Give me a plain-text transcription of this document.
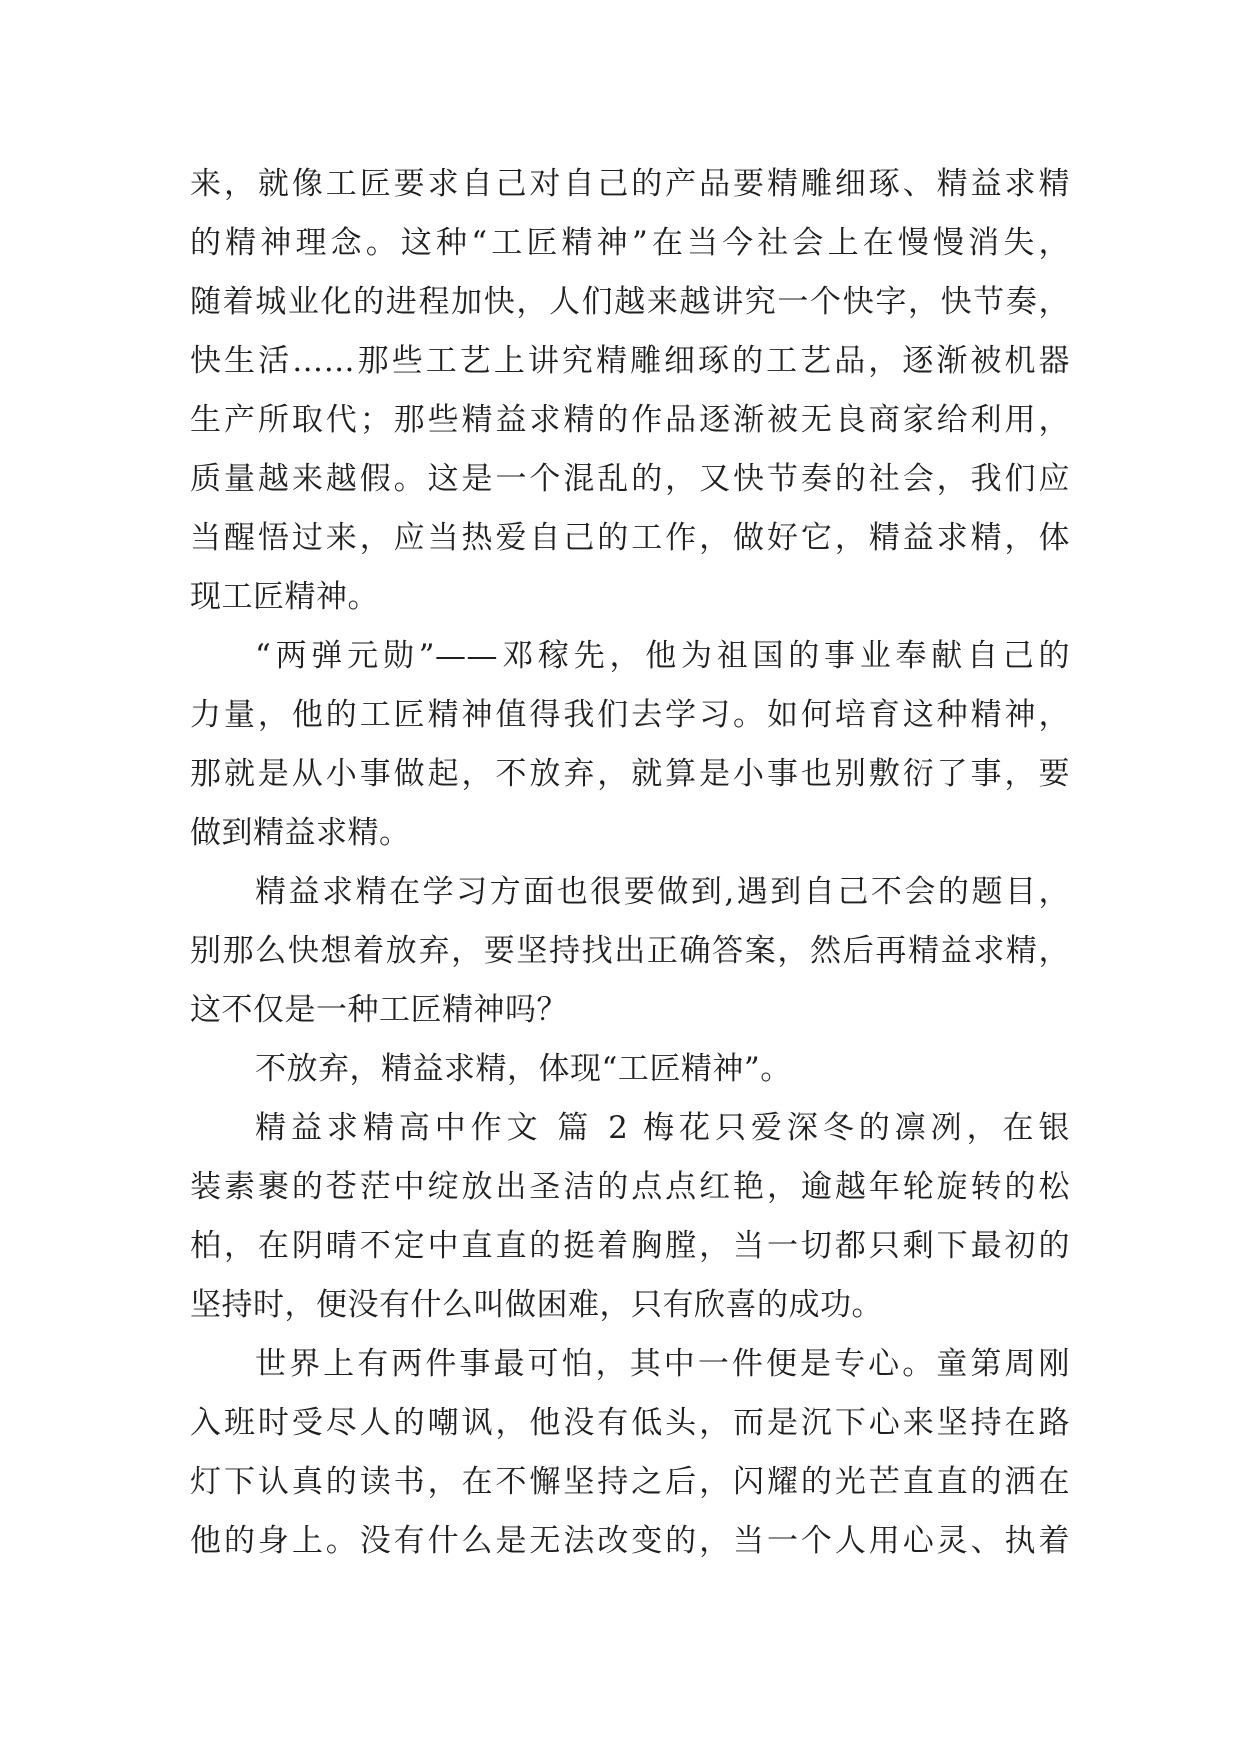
来，就像工匠要求自己对自己的产品要精雕细琢、精益求精
的精神理念。这种“工匠精神”在当今社会上在慢慢消失，
随着城业化的进程加快，人们越来越讲究一个快字，快节奏，
快生活……那些工艺上讲究精雕细琢的工艺品，逐渐被机器
生产所取代；那些精益求精的作品逐渐被无良商家给利用，
质量越来越假。这是一个混乱的，又快节奏的社会，我们应
当醒悟过来，应当热爱自己的工作，做好它，精益求精，体
现工匠精神。
“两弹元勋”——邓稼先，他为祖国的事业奉献自己的
力量，他的工匠精神值得我们去学习。如何培育这种精神，
那就是从小事做起，不放弃，就算是小事也别敷衍了事，要
做到精益求精。
精益求精在学习方面也很要做到,遇到自己不会的题目，
别那么快想着放弃，要坚持找出正确答案，然后再精益求精，
这不仅是一种工匠精神吗？
不放弃，精益求精，体现“工匠精神”。
精益求精高中作文 篇 2 梅花只爱深冬的凛冽，在银
装素裹的苍茫中绽放出圣洁的点点红艳，逾越年轮旋转的松
柏，在阴晴不定中直直的挺着胸膛，当一切都只剩下最初的
坚持时，便没有什么叫做困难，只有欣喜的成功。
世界上有两件事最可怕，其中一件便是专心。童第周刚
入班时受尽人的嘲讽，他没有低头，而是沉下心来坚持在路
灯下认真的读书，在不懈坚持之后，闪耀的光芒直直的洒在
他的身上。没有什么是无法改变的，当一个人用心灵、执着
